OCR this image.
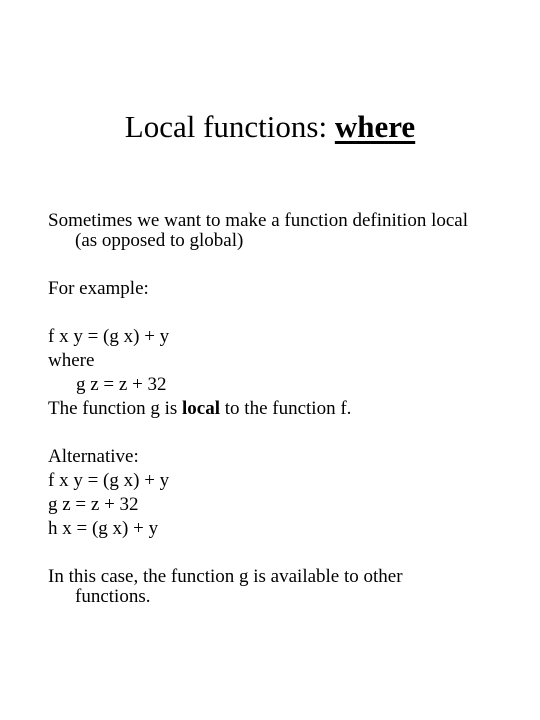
Local functions: where
Sometimes we want to make a function definition local
(as opposed to global)
For example:
f x y = (g x) + y
where
g z = z + 32
The function g is local to the function f.
Alternative:
f x y = (g x) + y
g z = z + 32
h x = (g x) + y
In this case, the function g is available to other
functions.
